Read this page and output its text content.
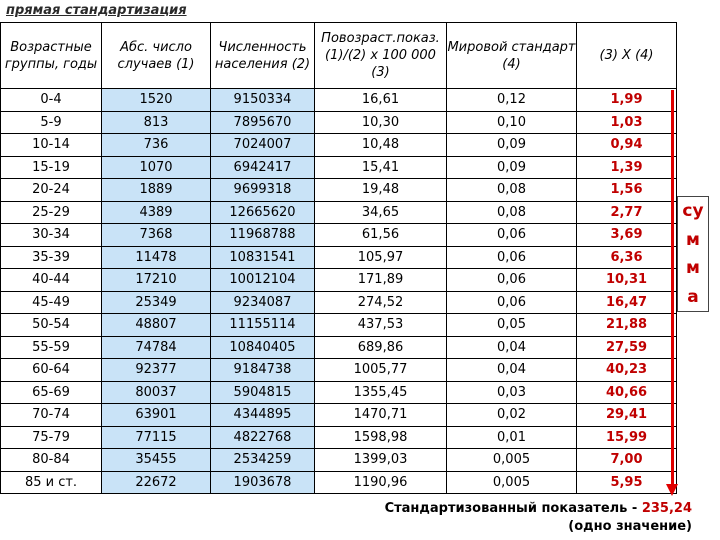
прямая стандартизация
Возрастные группы, годы	Абс. число случаев (1)	Численность населения (2)	Повозраст.показ. (1)/(2) х 100 000 (3)	Мировой стандарт (4)	(3) Х (4)
0-4	1520	9150334	16,61	0,12	1,99
5-9	813	7895670	10,30	0,10	1,03
10-14	736	7024007	10,48	0,09	0,94
15-19	1070	6942417	15,41	0,09	1,39
20-24	1889	9699318	19,48	0,08	1,56
25-29	4389	12665620	34,65	0,08	2,77
30-34	7368	11968788	61,56	0,06	3,69
35-39	11478	10831541	105,97	0,06	6,36
40-44	17210	10012104	171,89	0,06	10,31
45-49	25349	9234087	274,52	0,06	16,47
50-54	48807	11155114	437,53	0,05	21,88
55-59	74784	10840405	689,86	0,04	27,59
60-64	92377	9184738	1005,77	0,04	40,23
65-69	80037	5904815	1355,45	0,03	40,66
70-74	63901	4344895	1470,71	0,02	29,41
75-79	77115	4822768	1598,98	0,01	15,99
80-84	35455	2534259	1399,03	0,005	7,00
85 и ст.	22672	1903678	1190,96	0,005	5,95
су
м
м
а
Стандартизованный показатель - 235,24
(одно значение)
